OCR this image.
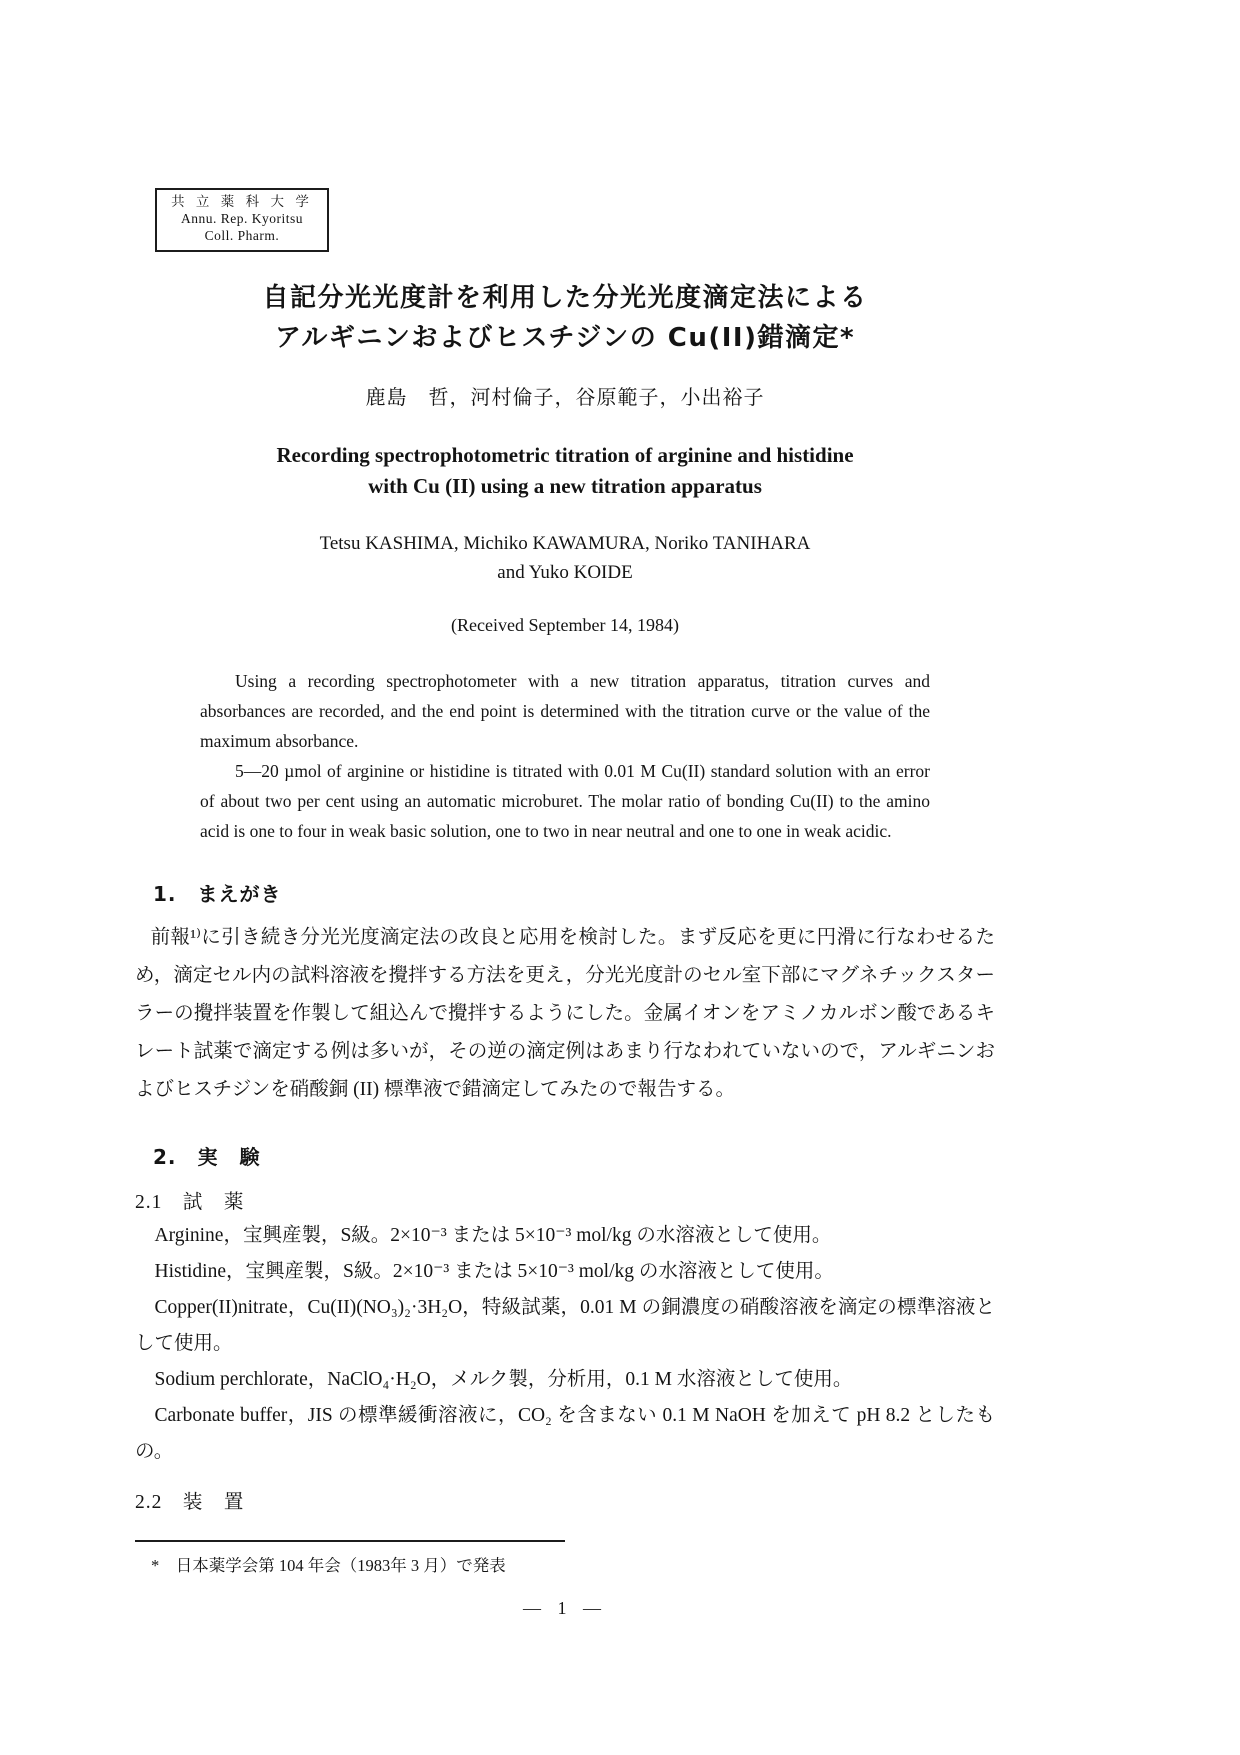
共 立 薬 科 大 学
Annu. Rep. Kyoritsu
Coll. Pharm.
自記分光光度計を利用した分光光度滴定法による
アルギニンおよびヒスチジンの Cu(II)錯滴定*
鹿島　哲，河村倫子，谷原範子，小出裕子
Recording spectrophotometric titration of arginine and histidine
with Cu (II) using a new titration apparatus
Tetsu KASHIMA, Michiko KAWAMURA, Noriko TANIHARA
and Yuko KOIDE
(Received September 14, 1984)

Using a recording spectrophotometer with a new titration apparatus, titration curves and absorbances are recorded, and the end point is determined with the titration curve or the value of the maximum absorbance.

5—20 µmol of arginine or histidine is titrated with 0.01 M Cu(II) standard solution with an error of about two per cent using an automatic microburet. The molar ratio of bonding Cu(II) to the amino acid is one to four in weak basic solution, one to two in near neutral and one to one in weak acidic.

1.　まえがき

前報¹⁾に引き続き分光光度滴定法の改良と応用を検討した。まず反応を更に円滑に行なわせるため，滴定セル内の試料溶液を攪拌する方法を更え，分光光度計のセル室下部にマグネチックスターラーの攪拌装置を作製して組込んで攪拌するようにした。金属イオンをアミノカルボン酸であるキレート試薬で滴定する例は多いが，その逆の滴定例はあまり行なわれていないので，アルギニンおよびヒスチジンを硝酸銅 (II) 標準液で錯滴定してみたので報告する。

2.　実　験
2.1　試　薬

Arginine，宝興産製，S級。2×10⁻³ または 5×10⁻³ mol/kg の水溶液として使用。

Histidine，宝興産製，S級。2×10⁻³ または 5×10⁻³ mol/kg の水溶液として使用。

Copper(II)nitrate，Cu(II)(NO₃)₂·3H₂O，特級試薬，0.01 M の銅濃度の硝酸溶液を滴定の標準溶液として使用。

Sodium perchlorate，NaClO₄·H₂O，メルク製，分析用，0.1 M 水溶液として使用。

Carbonate buffer，JIS の標準緩衝溶液に，CO₂ を含まない 0.1 M NaOH を加えて pH 8.2 としたもの。

2.2　装　置
*　日本薬学会第 104 年会（1983年 3 月）で発表
— 1 —
